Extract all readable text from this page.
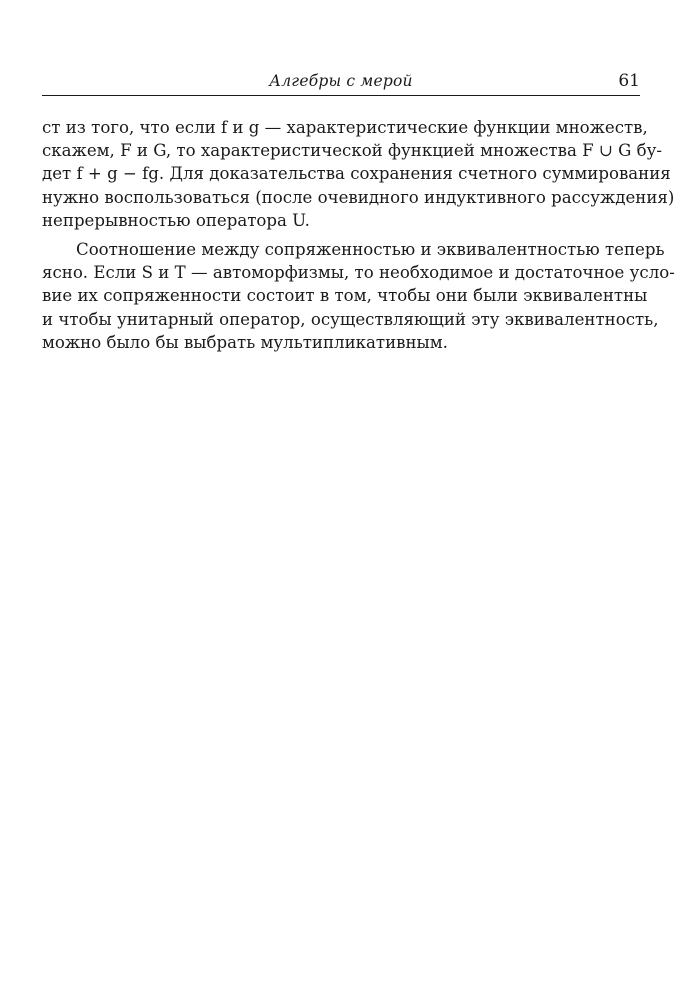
Алгебры с мерой	61
ст из того, что если f и g — характеристические функции множеств,
скажем, F и G, то характеристической функцией множества F ∪ G бу-
дет f + g − fg. Для доказательства сохранения счетного суммирования
нужно воспользоваться (после очевидного индуктивного рассуждения)
непрерывностью оператора U.
Соотношение между сопряженностью и эквивалентностью теперь
ясно. Если S и T — автоморфизмы, то необходимое и достаточное усло-
вие их сопряженности состоит в том, чтобы они были эквивалентны
и чтобы унитарный оператор, осуществляющий эту эквивалентность,
можно было бы выбрать мультипликативным.
